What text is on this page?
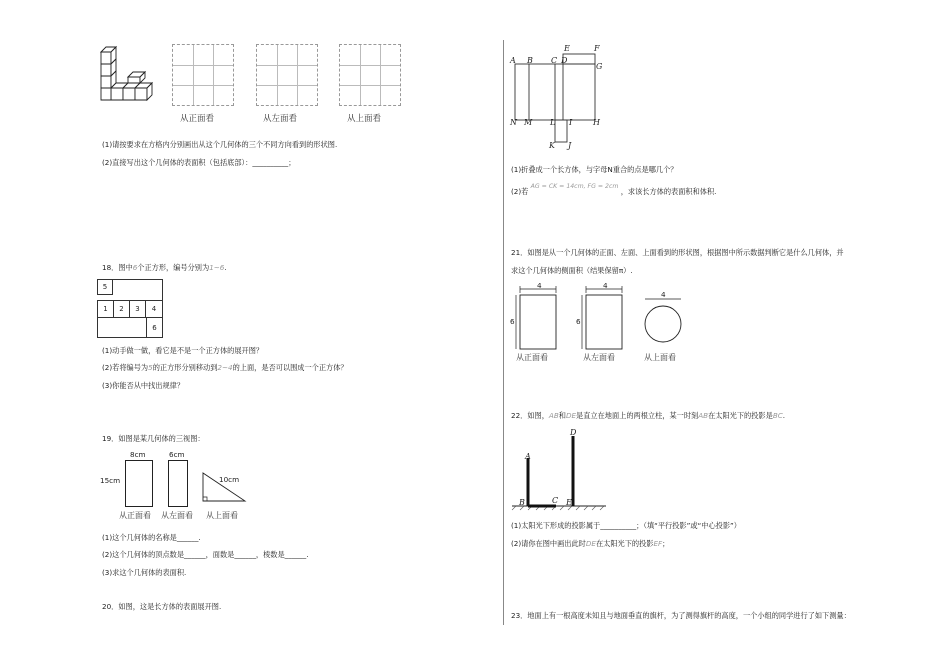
从正面看	从左面看	从上面看
(1)请按要求在方格内分别画出从这个几何体的三个不同方向看到的形状图.
(2)直接写出这个几何体的表面积（包括底部）：__________；
18．图中6个正方形，编号分别为1~6.
5
1	2	3	4
6
(1)动手做一做，看它是不是一个正方体的展开图？
(2)若将编号为5的正方形分别移动到2~4的上面，是否可以围成一个正方体？
(3)你能否从中找出规律？
19．如图是某几何体的三视图：
8cm	6cm
15cm	10cm
从正面看 从左面看 从上面看
(1)这个几何体的名称是______.
(2)这个几何体的顶点数是______，面数是______，棱数是______.
(3)求这个几何体的表面积.
20．如图，这是长方体的表面展开图.
A B C D
E	F
G
N M L I	H
K J
(1)折叠成一个长方体，与字母N重合的点是哪几个？
(2)若 AG = CK = 14cm, FG = 2cm ，求该长方体的表面积和体积.
21．如图是从一个几何体的正面、左面、上面看到的形状图，根据图中所示数据判断它是什么几何体，并
求这个几何体的侧面积（结果保留π）.
4	4
4
6	6
从正面看	从左面看	从上面看
22．如图，AB和DE是直立在地面上的两根立柱，某一时刻AB在太阳光下的投影是BC.
A
B	C
D
E
(1)太阳光下形成的投影属于__________；（填“平行投影”或“中心投影”）
(2)请你在图中画出此时DE在太阳光下的投影EF；
23．地面上有一根高度未知且与地面垂直的旗杆，为了测得旗杆的高度，一个小组的同学进行了如下测量：
